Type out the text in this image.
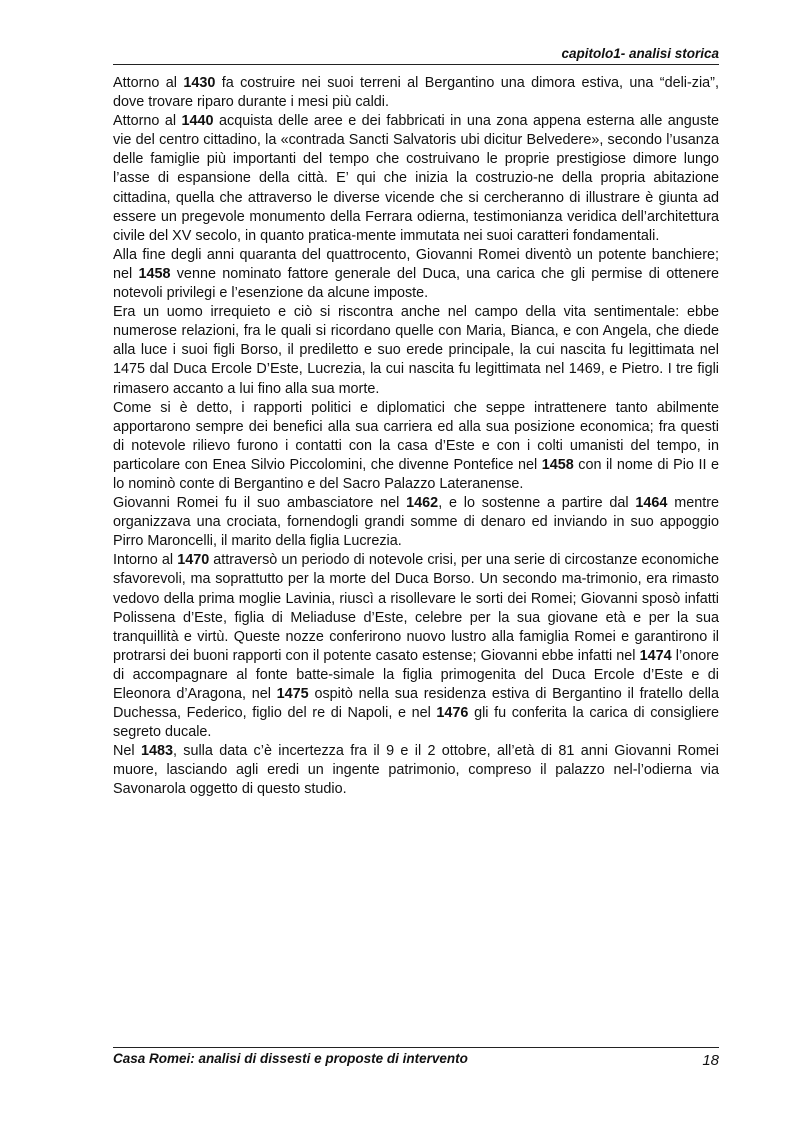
capitolo1- analisi storica

Attorno al 1430 fa costruire nei suoi terreni al Bergantino una dimora estiva, una “deli-zia”, dove trovare riparo durante i mesi più caldi.

Attorno al 1440 acquista delle aree e dei fabbricati in una zona appena esterna alle anguste vie del centro cittadino, la «contrada Sancti Salvatoris ubi dicitur Belvedere», secondo l’usanza delle famiglie più importanti del tempo che costruivano le proprie prestigiose dimore lungo l’asse di espansione della città. E’ qui che inizia la costruzio-ne della propria abitazione cittadina, quella che attraverso le diverse vicende che si cercheranno di illustrare è giunta ad essere un pregevole monumento della Ferrara odierna, testimonianza veridica dell’architettura civile del XV secolo, in quanto pratica-mente immutata nei suoi caratteri fondamentali.

Alla fine degli anni quaranta del quattrocento, Giovanni Romei diventò un potente banchiere; nel 1458 venne nominato fattore generale del Duca, una carica che gli permise di ottenere notevoli privilegi e l’esenzione da alcune imposte.

Era un uomo irrequieto e ciò si riscontra anche nel campo della vita sentimentale: ebbe numerose relazioni, fra le quali si ricordano quelle con Maria, Bianca, e con Angela, che diede alla luce i suoi figli Borso, il prediletto e suo erede principale, la cui nascita fu legittimata nel 1475 dal Duca Ercole D’Este, Lucrezia, la cui nascita fu legittimata nel 1469, e Pietro. I tre figli rimasero accanto a lui fino alla sua morte.

Come si è detto, i rapporti politici e diplomatici che seppe intrattenere tanto abilmente apportarono sempre dei benefici alla sua carriera ed alla sua posizione economica; fra questi di notevole rilievo furono i contatti con la casa d’Este e con i colti umanisti del tempo, in particolare con Enea Silvio Piccolomini, che divenne Pontefice nel 1458 con il nome di Pio II e lo nominò conte di Bergantino e del Sacro Palazzo Lateranense.

Giovanni Romei fu il suo ambasciatore nel 1462, e lo sostenne a partire dal 1464 mentre organizzava una crociata, fornendogli grandi somme di denaro ed inviando in suo appoggio Pirro Maroncelli, il marito della figlia Lucrezia.

Intorno al 1470 attraversò un periodo di notevole crisi, per una serie di circostanze economiche sfavorevoli, ma soprattutto per la morte del Duca Borso. Un secondo ma-trimonio, era rimasto vedovo della prima moglie Lavinia, riuscì a risollevare le sorti dei Romei; Giovanni sposò infatti Polissena d’Este, figlia di Meliaduse d’Este, celebre per la sua giovane età e per la sua tranquillità e virtù. Queste nozze conferirono nuovo lustro alla famiglia Romei e garantirono il protrarsi dei buoni rapporti con il potente casato estense; Giovanni ebbe infatti nel 1474 l’onore di accompagnare al fonte batte-simale la figlia primogenita del Duca Ercole d’Este e di Eleonora d’Aragona, nel 1475 ospitò nella sua residenza estiva di Bergantino il fratello della Duchessa, Federico, figlio del re di Napoli, e nel 1476 gli fu conferita la carica di consigliere segreto ducale.

Nel 1483, sulla data c’è incertezza fra il 9 e il 2 ottobre, all’età di 81 anni Giovanni Romei muore, lasciando agli eredi un ingente patrimonio, compreso il palazzo nel-l’odierna via Savonarola oggetto di questo studio.

Casa Romei: analisi di dissesti e proposte di intervento	18
